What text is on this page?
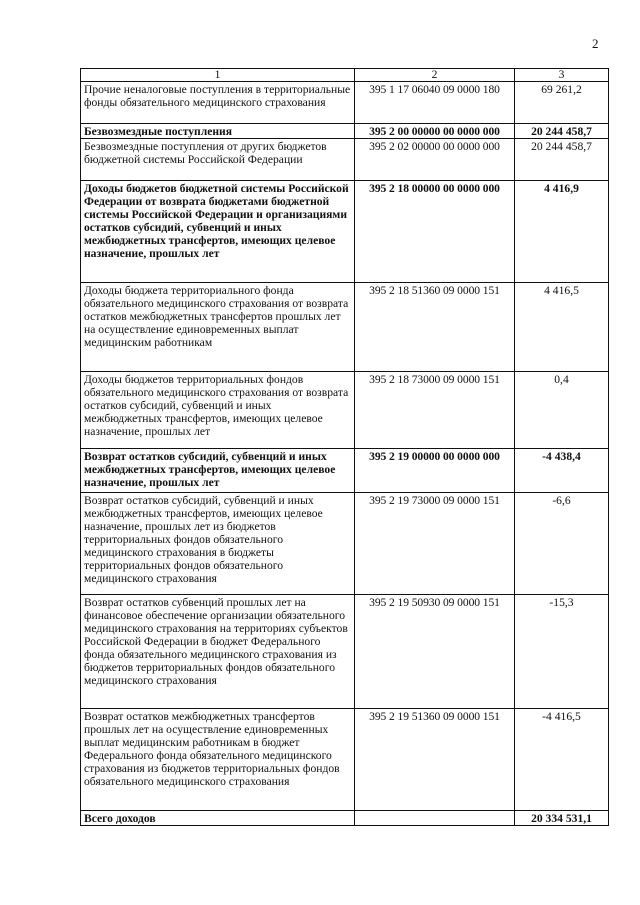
2
1	2	3
Прочие неналоговые поступления в территориальные фонды обязательного медицинского страхования	395 1 17 06040 09 0000 180	69 261,2
Безвозмездные поступления	395 2 00 00000 00 0000 000	20 244 458,7
Безвозмездные поступления от других бюджетов бюджетной системы Российской Федерации	395 2 02 00000 00 0000 000	20 244 458,7
Доходы бюджетов бюджетной системы Российской Федерации от возврата бюджетами бюджетной системы Российской Федерации и организациями остатков субсидий, субвенций и иных межбюджетных трансфертов, имеющих целевое назначение, прошлых лет	395 2 18 00000 00 0000 000	4 416,9
Доходы бюджета территориального фонда обязательного медицинского страхования от возврата остатков межбюджетных трансфертов прошлых лет на осуществление единовременных выплат медицинским работникам	395 2 18 51360 09 0000 151	4 416,5
Доходы бюджетов территориальных фондов обязательного медицинского страхования от возврата остатков субсидий, субвенций и иных межбюджетных трансфертов, имеющих целевое назначение, прошлых лет	395 2 18 73000 09 0000 151	0,4
Возврат остатков субсидий, субвенций и иных межбюджетных трансфертов, имеющих целевое назначение, прошлых лет	395 2 19 00000 00 0000 000	-4 438,4
Возврат остатков субсидий, субвенций и иных межбюджетных трансфертов, имеющих целевое назначение, прошлых лет из бюджетов территориальных фондов обязательного медицинского страхования в бюджеты территориальных фондов обязательного медицинского страхования	395 2 19 73000 09 0000 151	-6,6
Возврат остатков субвенций прошлых лет на финансовое обеспечение организации обязательного медицинского страхования на территориях субъектов Российской Федерации в бюджет Федерального фонда обязательного медицинского страхования из бюджетов территориальных фондов обязательного медицинского страхования	395 2 19 50930 09 0000 151	-15,3
Возврат остатков межбюджетных трансфертов прошлых лет на осуществление единовременных выплат медицинским работникам в бюджет Федерального фонда обязательного медицинского страхования из бюджетов территориальных фондов обязательного медицинского страхования	395 2 19 51360 09 0000 151	-4 416,5
Всего доходов		20 334 531,1
